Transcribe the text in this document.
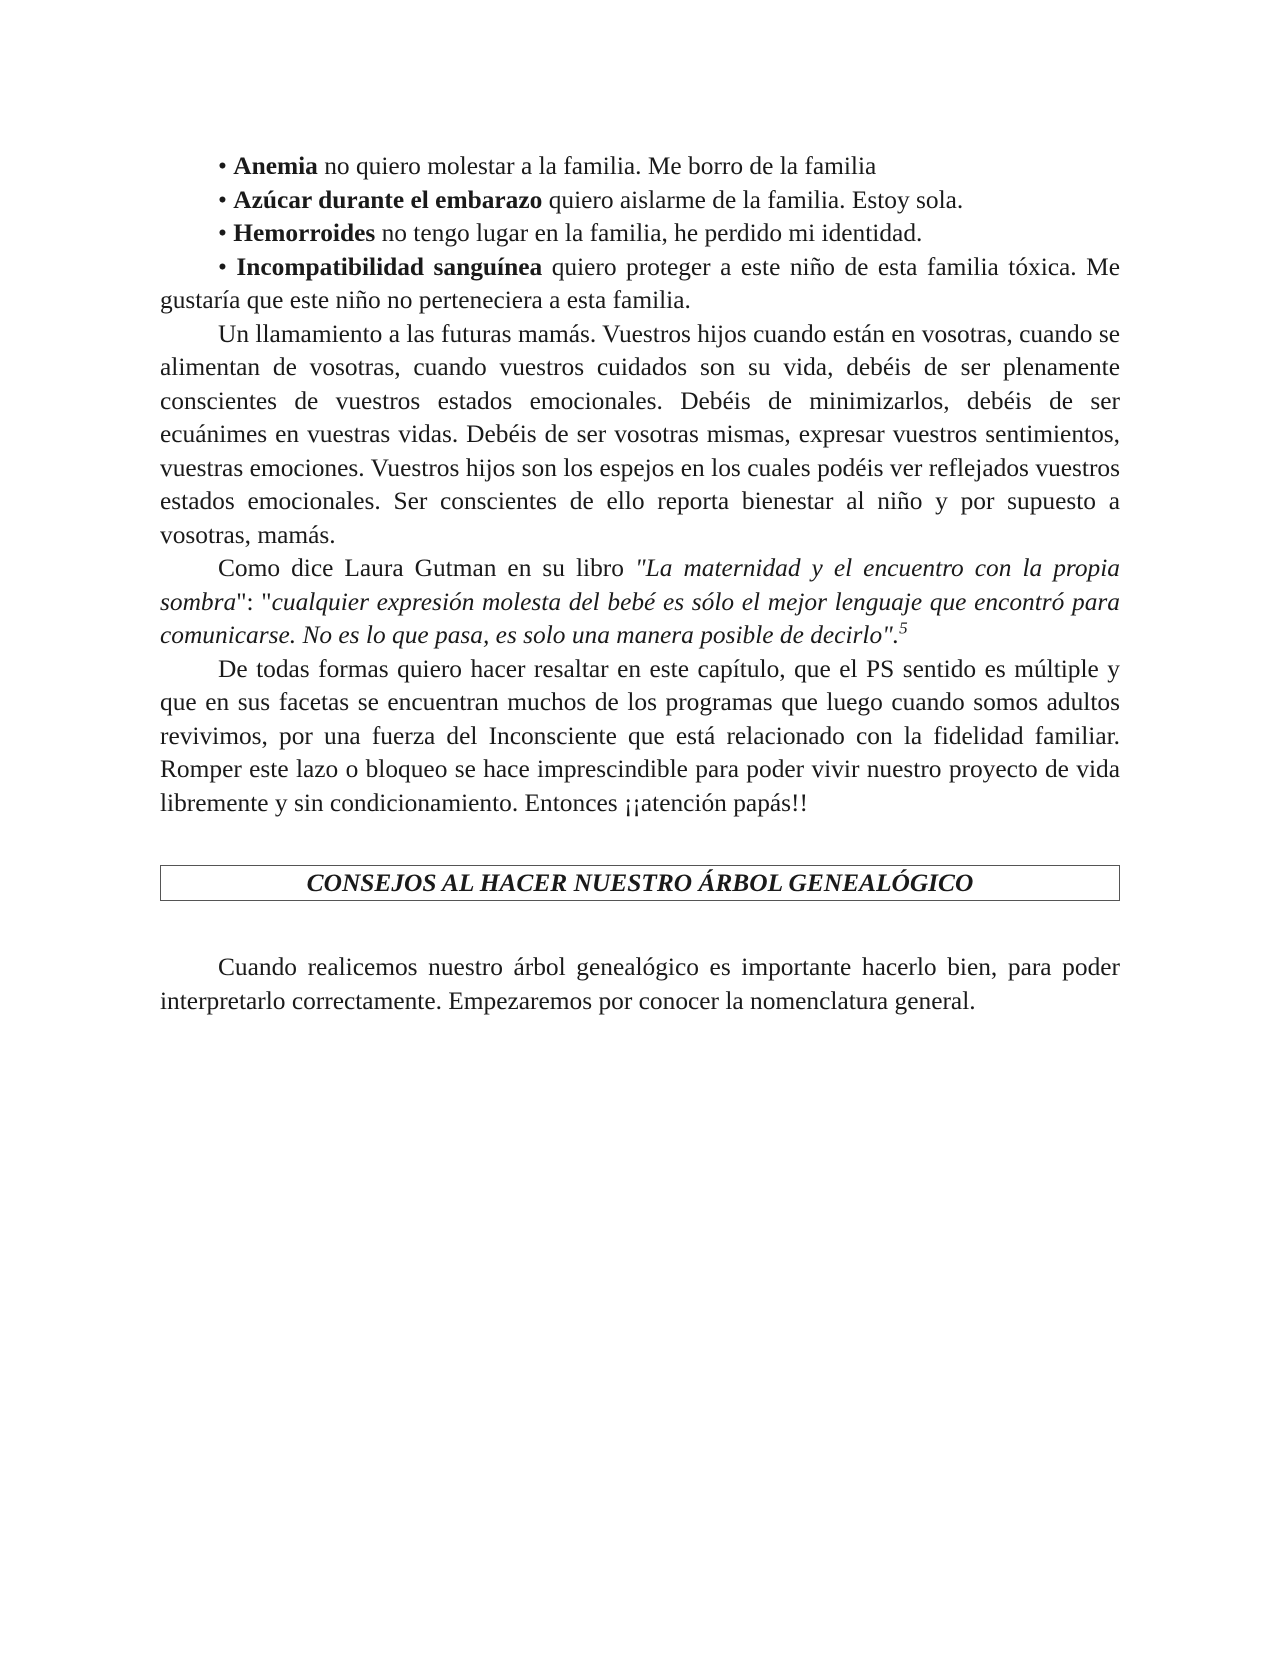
• Anemia no quiero molestar a la familia. Me borro de la familia

• Azúcar durante el embarazo quiero aislarme de la familia. Estoy sola.

• Hemorroides no tengo lugar en la familia, he perdido mi identidad.

• Incompatibilidad sanguínea quiero proteger a este niño de esta familia tóxica. Me gustaría que este niño no perteneciera a esta familia.

Un llamamiento a las futuras mamás. Vuestros hijos cuando están en vosotras, cuando se alimentan de vosotras, cuando vuestros cuidados son su vida, debéis de ser plenamente conscientes de vuestros estados emocionales. Debéis de minimizarlos, debéis de ser ecuánimes en vuestras vidas. Debéis de ser vosotras mismas, expresar vuestros sentimientos, vuestras emociones. Vuestros hijos son los espejos en los cuales podéis ver reflejados vuestros estados emocionales. Ser conscientes de ello reporta bienestar al niño y por supuesto a vosotras, mamás.

Como dice Laura Gutman en su libro "La maternidad y el encuentro con la propia sombra": "cualquier expresión molesta del bebé es sólo el mejor lenguaje que encontró para comunicarse. No es lo que pasa, es solo una manera posible de decirlo".$^5$

De todas formas quiero hacer resaltar en este capítulo, que el PS sentido es múltiple y que en sus facetas se encuentran muchos de los programas que luego cuando somos adultos revivimos, por una fuerza del Inconsciente que está relacionado con la fidelidad familiar. Romper este lazo o bloqueo se hace imprescindible para poder vivir nuestro proyecto de vida libremente y sin condicionamiento. Entonces ¡¡atención papás!!

CONSEJOS AL HACER NUESTRO ÁRBOL GENEALÓGICO

Cuando realicemos nuestro árbol genealógico es importante hacerlo bien, para poder interpretarlo correctamente. Empezaremos por conocer la nomenclatura general.
